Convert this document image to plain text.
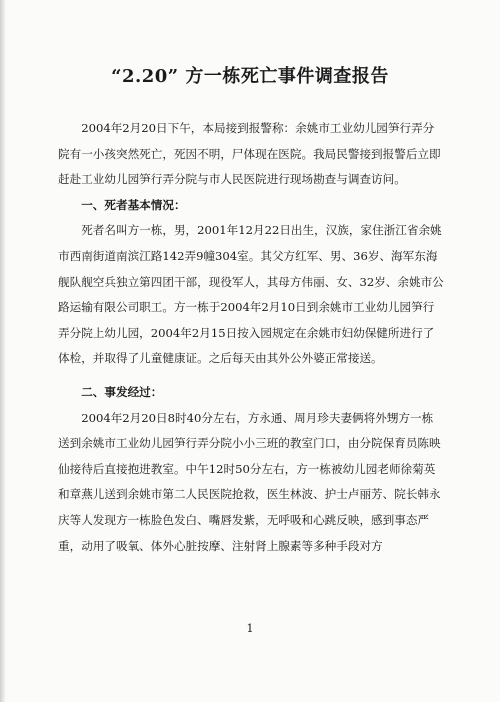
“2.20” 方一栋死亡事件调查报告

2004年2月20日下午，本局接到报警称：余姚市工业幼儿园笋行弄分院有一小孩突然死亡，死因不明，尸体现在医院。我局民警接到报警后立即赶赴工业幼儿园笋行弄分院与市人民医院进行现场勘查与调查访问。

一、死者基本情况：

死者名叫方一栋，男，2001年12月22日出生，汉族，家住浙江省余姚市西南街道南滨江路142弄9幢304室。其父方红军、男、36岁、海军东海舰队舰空兵独立第四团干部，现役军人，其母方伟丽、女、32岁、余姚市公路运输有限公司职工。方一栋于2004年2月10日到余姚市工业幼儿园笋行弄分院上幼儿园，2004年2月15日按入园规定在余姚市妇幼保健所进行了体检，并取得了儿童健康证。之后每天由其外公外婆正常接送。

二、事发经过：

2004年2月20日8时40分左右，方永通、周月珍夫妻俩将外甥方一栋送到余姚市工业幼儿园笋行弄分院小小三班的教室门口，由分院保育员陈映仙接待后直接抱进教室。中午12时50分左右，方一栋被幼儿园老师徐菊英和章燕儿送到余姚市第二人民医院抢救，医生林波、护士卢丽芳、院长韩永庆等人发现方一栋脸色发白、嘴唇发紫，无呼吸和心跳反映，感到事态严重，动用了吸氧、体外心脏按摩、注射肾上腺素等多种手段对方

1
